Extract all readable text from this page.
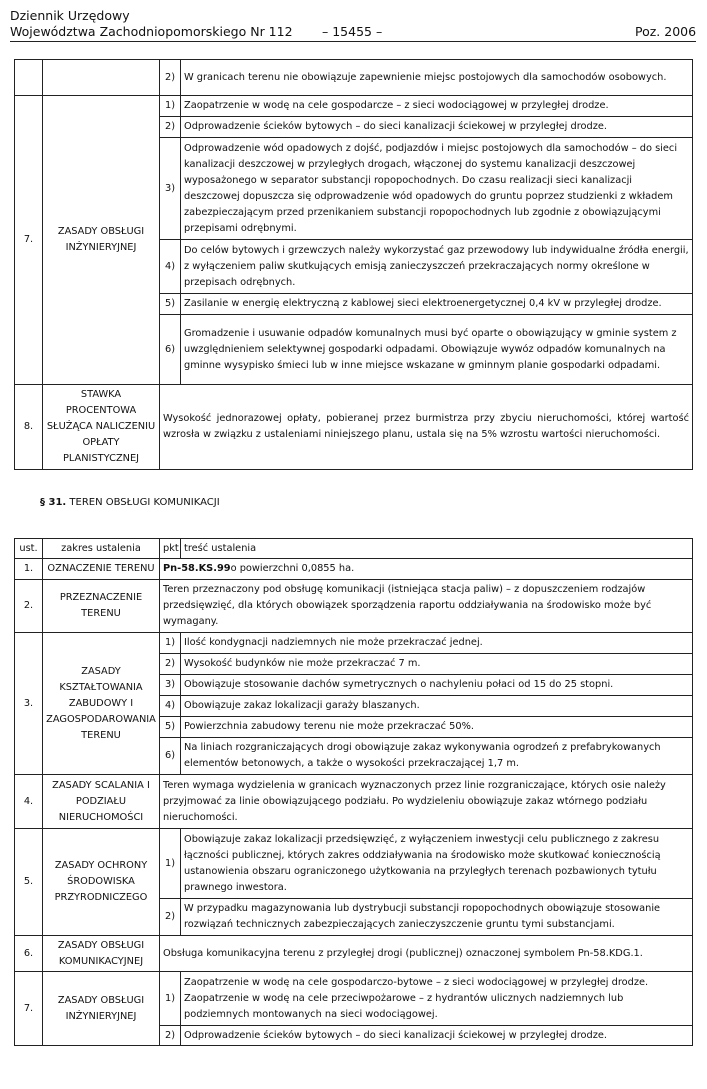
Dziennik Urzędowy
Województwa Zachodniopomorskiego Nr 112 – 15455 –	Poz. 2006
		2)	W granicach terenu nie obowiązuje zapewnienie miejsc postojowych dla samochodów osobowych.
7.	ZASADY OBSŁUGI INŻYNIERYJNEJ	1)	Zaopatrzenie w wodę na cele gospodarcze – z sieci wodociągowej w przyległej drodze.
		2)	Odprowadzenie ścieków bytowych – do sieci kanalizacji ściekowej w przyległej drodze.
		3)	Odprowadzenie wód opadowych z dojść, podjazdów i miejsc postojowych dla samochodów – do sieci kanalizacji deszczowej w przyległych drogach, włączonej do systemu kanalizacji deszczowej wyposażonego w separator substancji ropopochodnych. Do czasu realizacji sieci kanalizacji deszczowej dopuszcza się odprowadzenie wód opadowych do gruntu poprzez studzienki z wkładem zabezpieczającym przed przenikaniem substancji ropopochodnych lub zgodnie z obowiązującymi przepisami odrębnymi.
		4)	Do celów bytowych i grzewczych należy wykorzystać gaz przewodowy lub indywidualne źródła energii, z wyłączeniem paliw skutkujących emisją zanieczyszczeń przekraczających normy określone w przepisach odrębnych.
		5)	Zasilanie w energię elektryczną z kablowej sieci elektroenergetycznej 0,4 kV w przyległej drodze.
		6)	Gromadzenie i usuwanie odpadów komunalnych musi być oparte o obowiązujący w gminie system z uwzględnieniem selektywnej gospodarki odpadami. Obowiązuje wywóz odpadów komunalnych na gminne wysypisko śmieci lub w inne miejsce wskazane w gminnym planie gospodarki odpadami.
8.	STAWKA PROCENTOWA SŁUŻĄCA NALICZENIU OPŁATY PLANISTYCZNEJ	Wysokość jednorazowej opłaty, pobieranej przez burmistrza przy zbyciu nieruchomości, której wartość wzrosła w związku z ustaleniami niniejszego planu, ustala się na 5% wzrostu wartości nieruchomości.	
§ 31. TEREN OBSŁUGI KOMUNIKACJI
ust.	zakres ustalenia	pkt	treść ustalenia
1.	OZNACZENIE TERENU	Pn-58.KS.99o powierzchni 0,0855 ha.	
2.	PRZEZNACZENIE TERENU	Teren przeznaczony pod obsługę komunikacji (istniejąca stacja paliw) – z dopuszczeniem rodzajów przedsięwzięć, dla których obowiązek sporządzenia raportu oddziaływania na środowisko może być wymagany.	
3.	ZASADY KSZTAŁTOWANIA ZABUDOWY I ZAGOSPODAROWANIA TERENU	1)	Ilość kondygnacji nadziemnych nie może przekraczać jednej.
		2)	Wysokość budynków nie może przekraczać 7 m.
		3)	Obowiązuje stosowanie dachów symetrycznych o nachyleniu połaci od 15 do 25 stopni.
		4)	Obowiązuje zakaz lokalizacji garaży blaszanych.
		5)	Powierzchnia zabudowy terenu nie może przekraczać 50%.
		6)	Na liniach rozgraniczających drogi obowiązuje zakaz wykonywania ogrodzeń z prefabrykowanych elementów betonowych, a także o wysokości przekraczającej 1,7 m.
4.	ZASADY SCALANIA I PODZIAŁU NIERUCHOMOŚCI	Teren wymaga wydzielenia w granicach wyznaczonych przez linie rozgraniczające, których osie należy przyjmować za linie obowiązującego podziału. Po wydzieleniu obowiązuje zakaz wtórnego podziału nieruchomości.	
5.	ZASADY OCHRONY ŚRODOWISKA PRZYRODNICZEGO	1)	Obowiązuje zakaz lokalizacji przedsięwzięć, z wyłączeniem inwestycji celu publicznego z zakresu łączności publicznej, których zakres oddziaływania na środowisko może skutkować koniecznością ustanowienia obszaru ograniczonego użytkowania na przyległych terenach pozbawionych tytułu prawnego inwestora.
		2)	W przypadku magazynowania lub dystrybucji substancji ropopochodnych obowiązuje stosowanie rozwiązań technicznych zabezpieczających zanieczyszczenie gruntu tymi substancjami.
6.	ZASADY OBSŁUGI KOMUNIKACYJNEJ	Obsługa komunikacyjna terenu z przyległej drogi (publicznej) oznaczonej symbolem Pn-58.KDG.1.	
7.	ZASADY OBSŁUGI INŻYNIERYJNEJ	1)	Zaopatrzenie w wodę na cele gospodarczo-bytowe – z sieci wodociągowej w przyległej drodze. Zaopatrzenie w wodę na cele przeciwpożarowe – z hydrantów ulicznych nadziemnych lub podziemnych montowanych na sieci wodociągowej.
		2)	Odprowadzenie ścieków bytowych – do sieci kanalizacji ściekowej w przyległej drodze.
